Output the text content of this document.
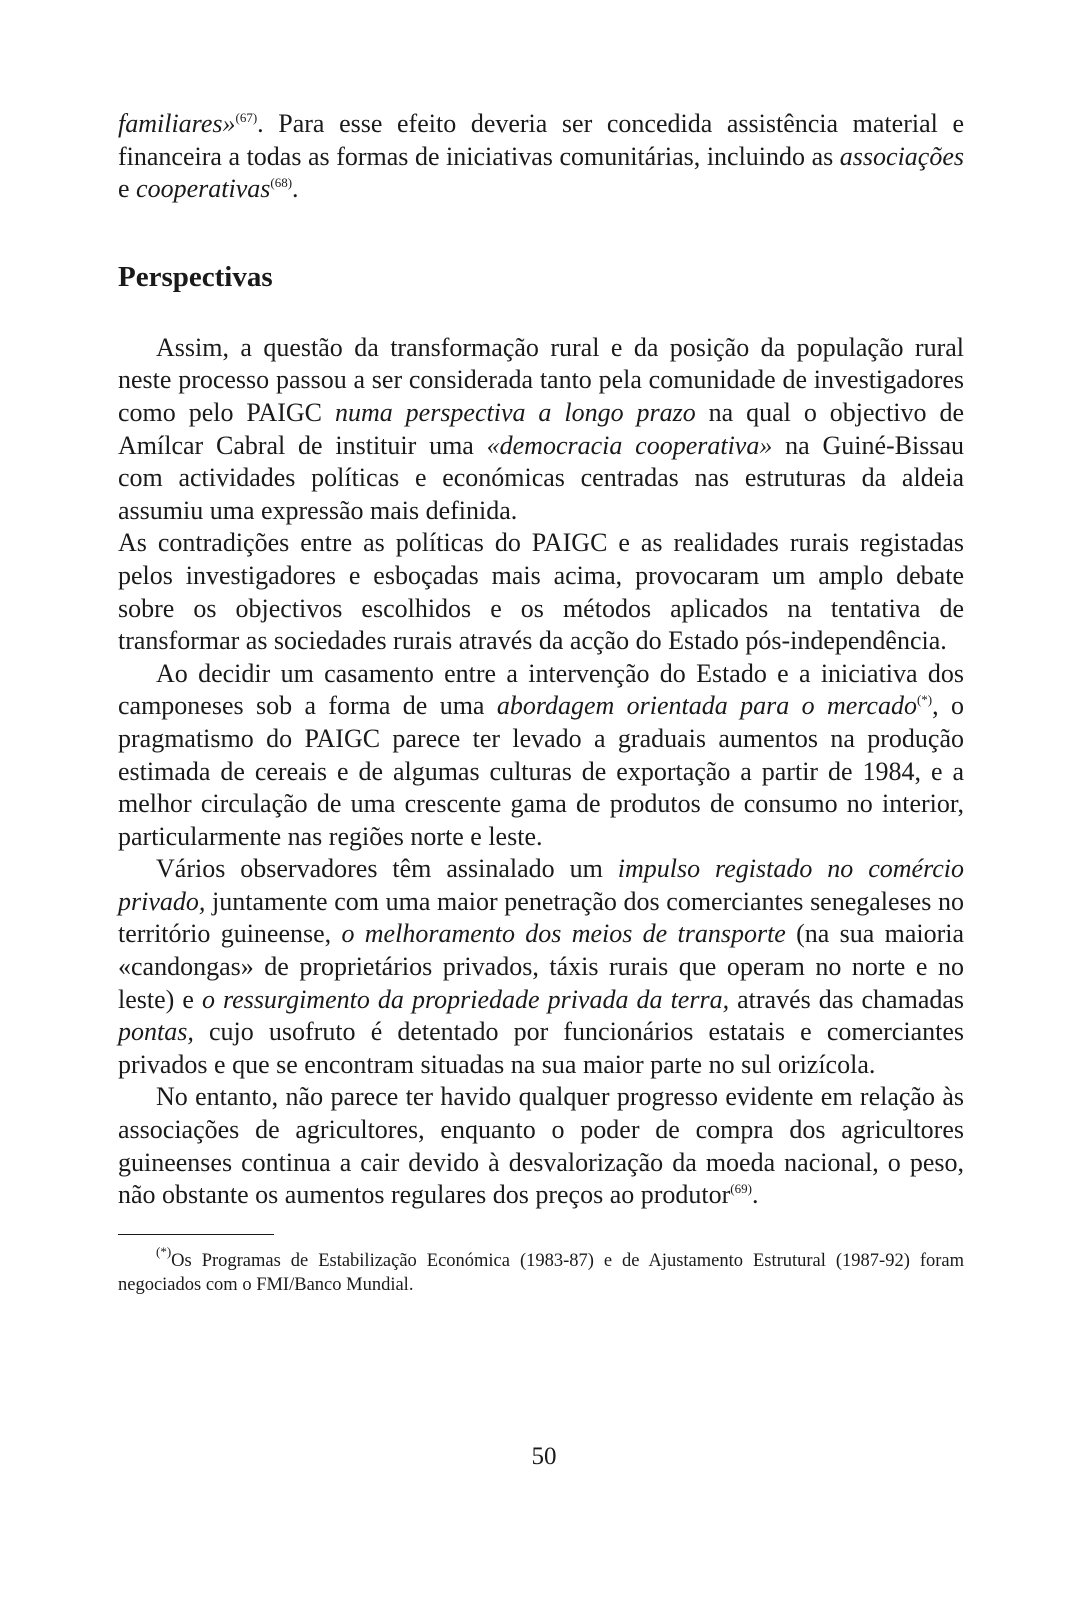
familiares»$^{(67)}$. Para esse efeito deveria ser concedida assistência material e financeira a todas as formas de iniciativas comunitárias, incluindo as associações e cooperativas$^{(68)}$.

Perspectivas

Assim, a questão da transformação rural e da posição da população rural neste processo passou a ser considerada tanto pela comunidade de investigadores como pelo PAIGC numa perspectiva a longo prazo na qual o objectivo de Amílcar Cabral de instituir uma «democracia cooperativa» na Guiné-Bissau com actividades políticas e económicas centradas nas estruturas da aldeia assumiu uma expressão mais definida.

As contradições entre as políticas do PAIGC e as realidades rurais registadas pelos investigadores e esboçadas mais acima, provocaram um amplo debate sobre os objectivos escolhidos e os métodos aplicados na tentativa de transformar as sociedades rurais através da acção do Estado pós-independência.

Ao decidir um casamento entre a intervenção do Estado e a iniciativa dos camponeses sob a forma de uma abordagem orientada para o mercado(*), o pragmatismo do PAIGC parece ter levado a graduais aumentos na produção estimada de cereais e de algumas culturas de exportação a partir de 1984, e a melhor circulação de uma crescente gama de produtos de consumo no interior, particularmente nas regiões norte e leste.

Vários observadores têm assinalado um impulso registado no comércio privado, juntamente com uma maior penetração dos comerciantes senegaleses no território guineense, o melhoramento dos meios de transporte (na sua maioria «candongas» de proprietários privados, táxis rurais que operam no norte e no leste) e o ressurgimento da propriedade privada da terra, através das chamadas pontas, cujo usofruto é detentado por funcionários estatais e comerciantes privados e que se encontram situadas na sua maior parte no sul orizícola.

No entanto, não parece ter havido qualquer progresso evidente em relação às associações de agricultores, enquanto o poder de compra dos agricultores guineenses continua a cair devido à desvalorização da moeda nacional, o peso, não obstante os aumentos regulares dos preços ao produtor$^{(69)}$.

(*)Os Programas de Estabilização Económica (1983-87) e de Ajustamento Estrutural (1987-92) foram negociados com o FMI/Banco Mundial.

50
